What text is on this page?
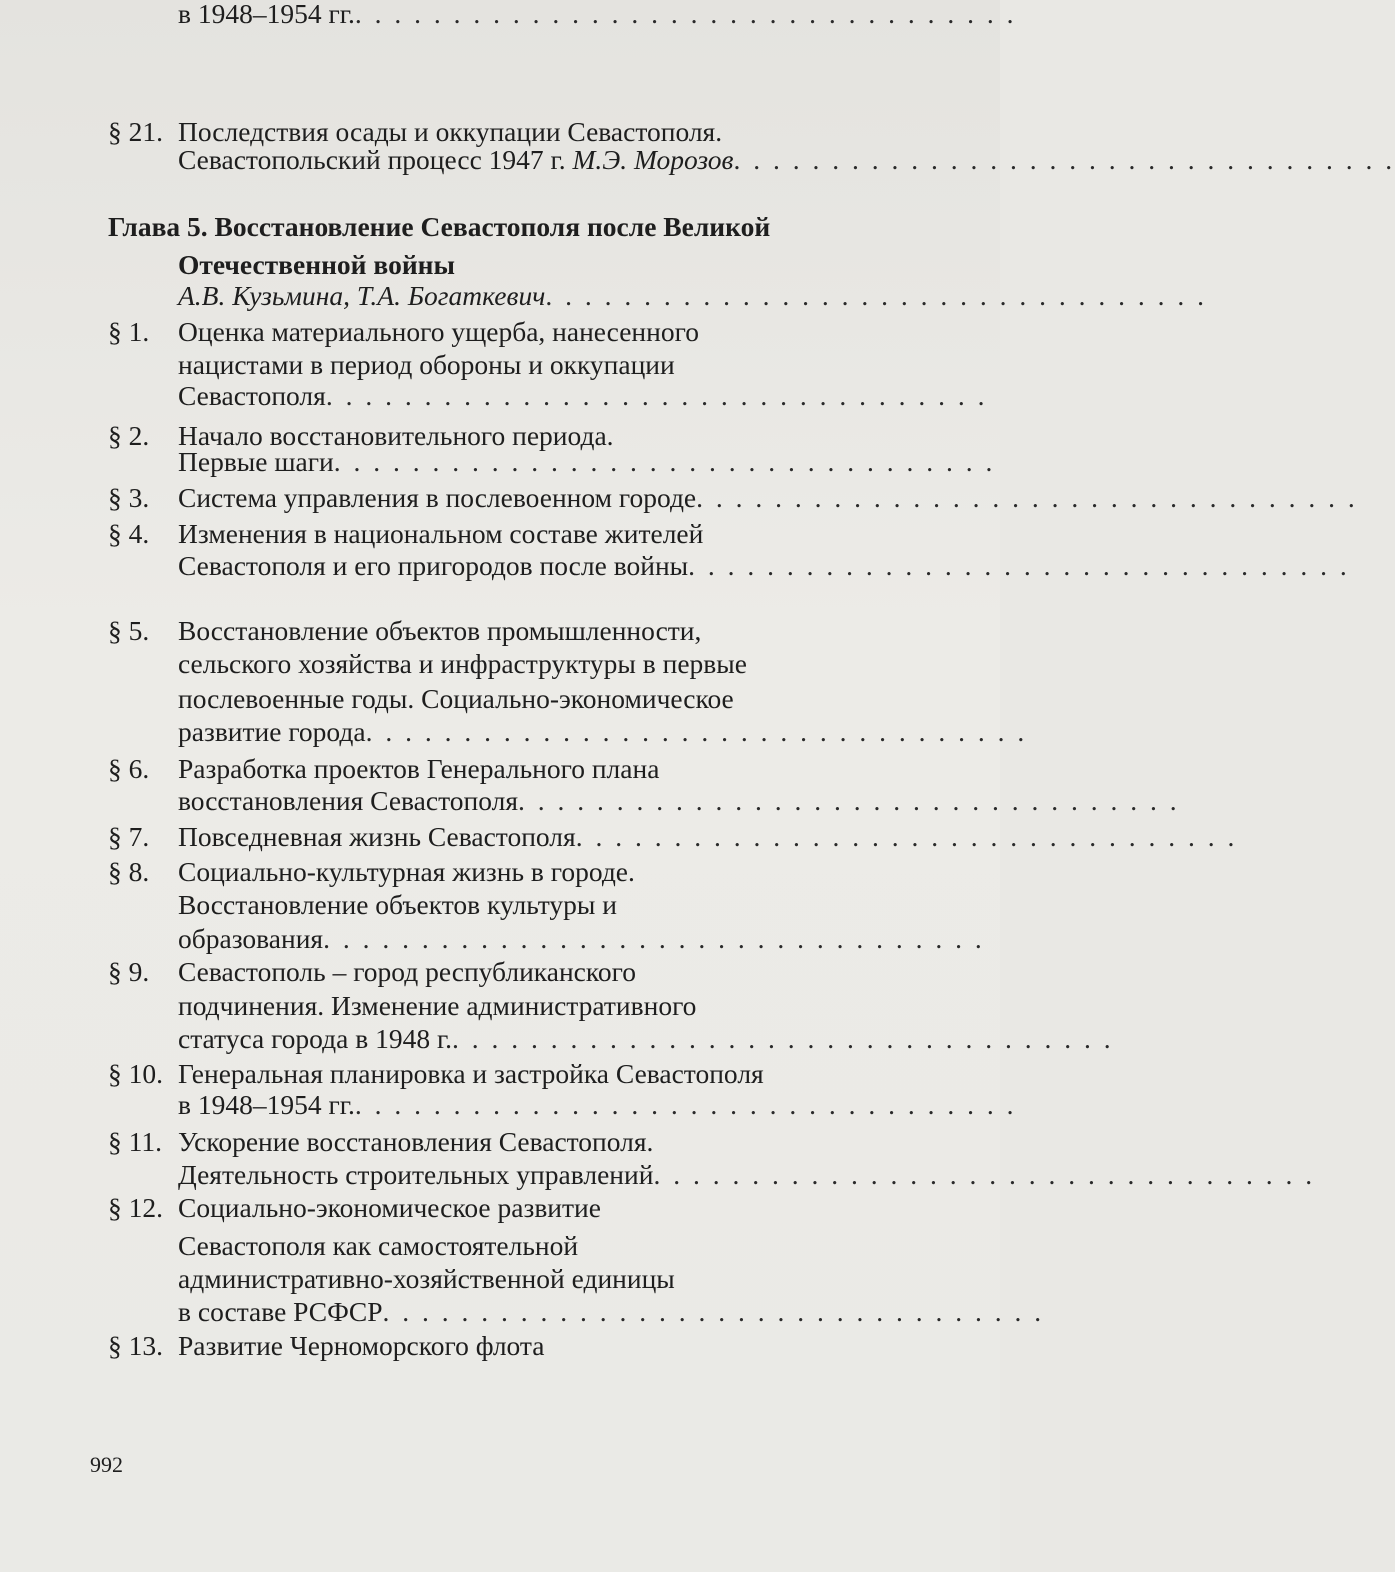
§ 21. Последствия осады и оккупации Севастополя.
Севастопольский процесс 1947 г. М.Э. Морозов. . . . . . . . . . . . . . . . . . . . . . . . . . . . . . . . . .
Глава 5. Восстановление Севастополя после Великой
Отечественной войны
А.В. Кузьмина, Т.А. Богаткевич. . . . . . . . . . . . . . . . . . . . . . . . . . . . . . . . . .
§ 1. Оценка материального ущерба, нанесенного
нацистами в период обороны и оккупации
Севастополя. . . . . . . . . . . . . . . . . . . . . . . . . . . . . . . . . .
§ 2. Начало восстановительного периода.
Первые шаги. . . . . . . . . . . . . . . . . . . . . . . . . . . . . . . . . .
§ 3. Система управления в послевоенном городе. . . . . . . . . . . . . . . . . . . . . . . . . . . . . . . . . .
§ 4. Изменения в национальном составе жителей
Севастополя и его пригородов после войны. . . . . . . . . . . . . . . . . . . . . . . . . . . . . . . . . .
§ 5. Восстановление объектов промышленности,
сельского хозяйства и инфраструктуры в первые
послевоенные годы. Социально-экономическое
развитие города. . . . . . . . . . . . . . . . . . . . . . . . . . . . . . . . . .
§ 6. Разработка проектов Генерального плана
восстановления Севастополя. . . . . . . . . . . . . . . . . . . . . . . . . . . . . . . . . .
§ 7. Повседневная жизнь Севастополя. . . . . . . . . . . . . . . . . . . . . . . . . . . . . . . . . .
§ 8. Социально-культурная жизнь в городе.
Восстановление объектов культуры и
образования. . . . . . . . . . . . . . . . . . . . . . . . . . . . . . . . . .
§ 9. Севастополь – город республиканского
подчинения. Изменение административного
статуса города в 1948 г.. . . . . . . . . . . . . . . . . . . . . . . . . . . . . . . . . .
§ 10. Генеральная планировка и застройка Севастополя
в 1948–1954 гг.. . . . . . . . . . . . . . . . . . . . . . . . . . . . . . . . . .
§ 11. Ускорение восстановления Севастополя.
Деятельность строительных управлений. . . . . . . . . . . . . . . . . . . . . . . . . . . . . . . . . .
§ 12. Социально-экономическое развитие
Севастополя как самостоятельной
административно-хозяйственной единицы
в составе РСФСР. . . . . . . . . . . . . . . . . . . . . . . . . . . . . . . . . .
§ 13. Развитие Черноморского флота
в 1948–1954 гг.. . . . . . . . . . . . . . . . . . . . . . . . . . . . . . . . . .
992
